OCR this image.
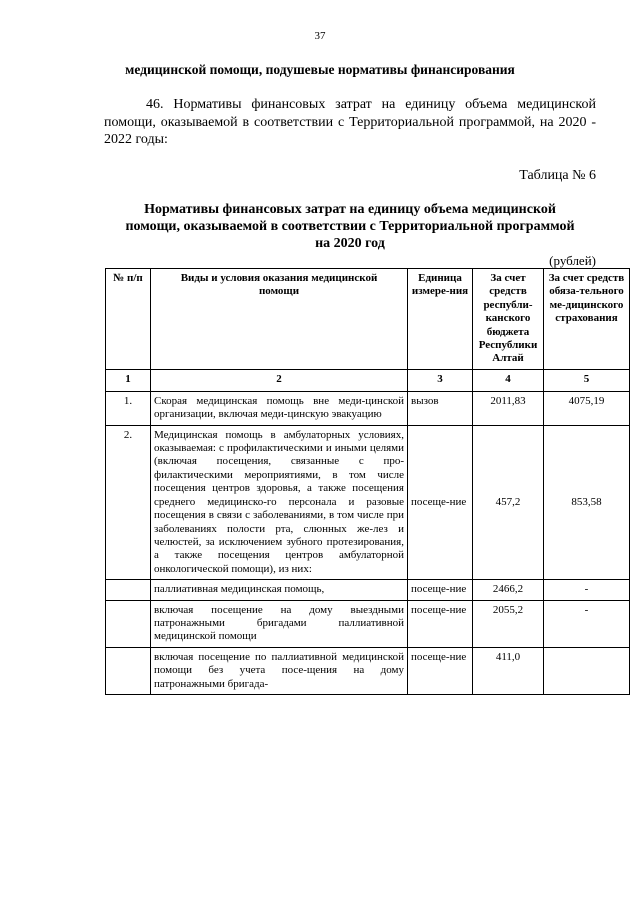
37
медицинской помощи, подушевые нормативы финансирования
46. Нормативы финансовых затрат на единицу объема медицинской помощи, оказываемой в соответствии с Территориальной программой, на 2020 - 2022 годы:
Таблица № 6
Нормативы финансовых затрат на единицу объема медицинской помощи, оказываемой в соответствии с Территориальной программой на 2020 год
(рублей)
№ п/п	Виды и условия оказания медицинской помощи	Единица измере-ния	За счет средств республи-канского бюджета Республики Алтай	За счет средств обяза-тельного ме-дицинского страхования
1	2	3	4	5
1.	Скорая медицинская помощь вне меди-цинской организации, включая меди-цинскую эвакуацию	вызов	2011,83	4075,19
2.	Медицинская помощь в амбулаторных условиях, оказываемая: с профилактическими и иными целями (включая посещения, связанные с про-филактическими мероприятиями, в том числе посещения центров здоровья, а также посещения среднего медицинско-го персонала и разовые посещения в связи с заболеваниями, в том числе при заболеваниях полости рта, слюнных же-лез и челюстей, за исключением зубного протезирования, а также посещения центров амбулаторной онкологической помощи), из них:	посеще-ние	457,2	853,58
	паллиативная медицинская помощь,	посеще-ние	2466,2	-
	включая посещение на дому выездными патронажными бригадами паллиативной медицинской помощи	посеще-ние	2055,2	-
	включая посещение по паллиативной медицинской помощи без учета посе-щения на дому патронажными бригада-	посеще-ние	411,0	
